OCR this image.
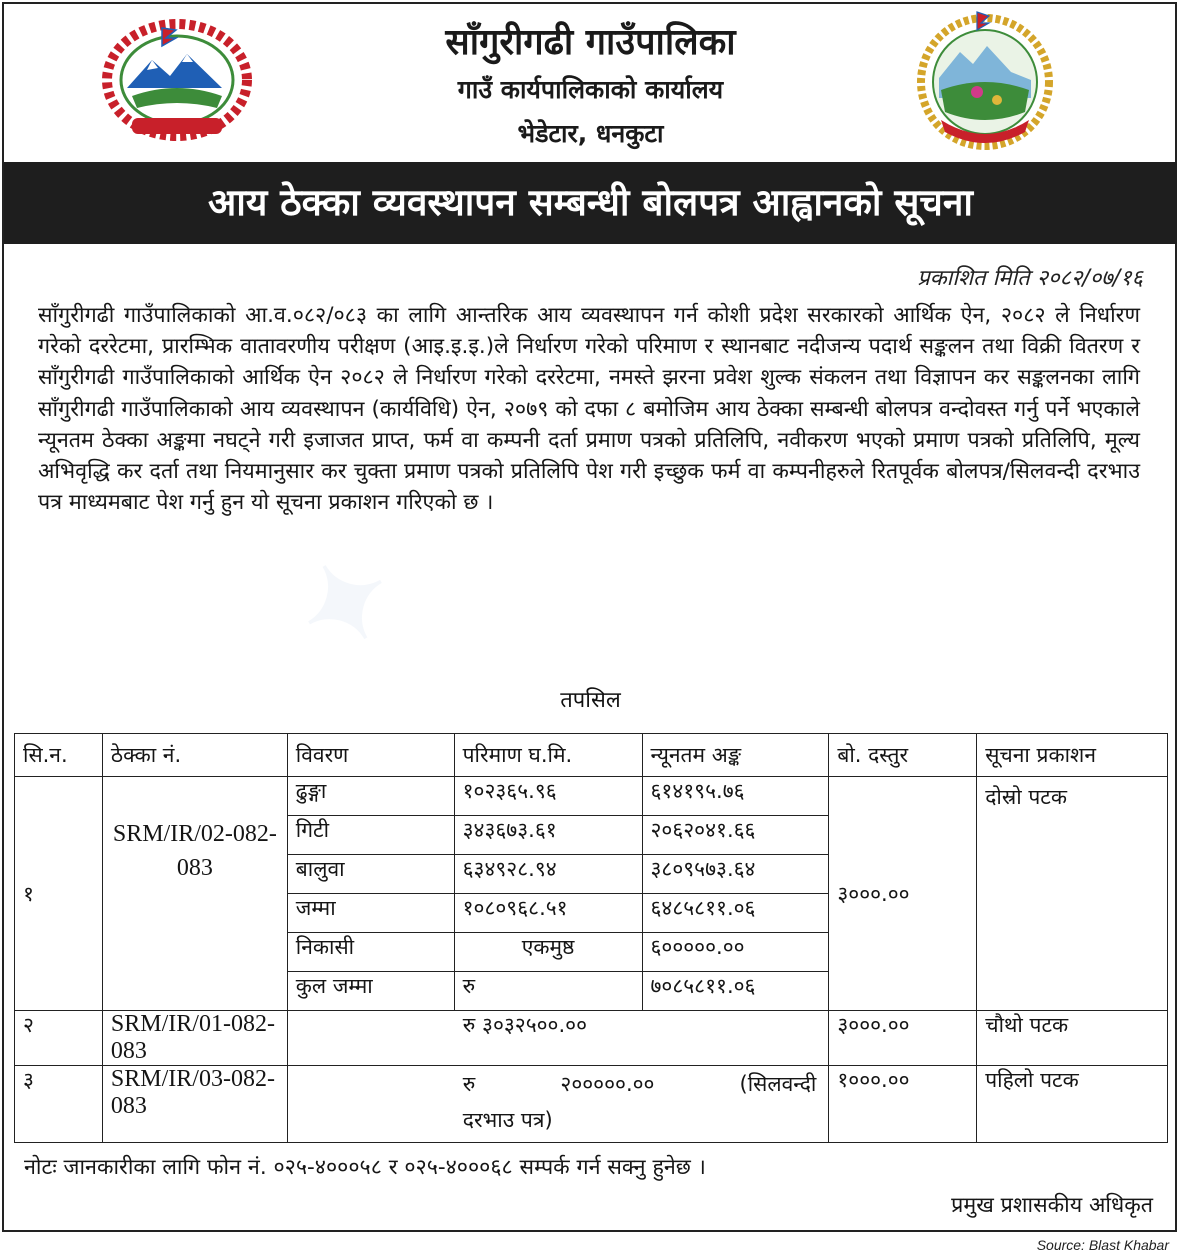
साँगुरीगढी गाउँपालिका
गाउँ कार्यपालिकाको कार्यालय
भेडेटार, धनकुटा
आय ठेक्का व्यवस्थापन सम्बन्धी बोलपत्र आह्वानको सूचना
✦
प्रकाशित मिति २०८२/०७/१६
साँगुरीगढी गाउँपालिकाको आ.व.०८२/०८३ का लागि आन्तरिक आय व्यवस्थापन गर्न कोशी प्रदेश सरकारको आर्थिक ऐन, २०८२ ले निर्धारण गरेको दररेटमा, प्रारम्भिक वातावरणीय परीक्षण (आइ.इ.इ.)ले निर्धारण गरेको परिमाण र स्थानबाट नदीजन्य पदार्थ सङ्कलन तथा विक्री वितरण र साँगुरीगढी गाउँपालिकाको आर्थिक ऐन २०८२ ले निर्धारण गरेको दररेटमा, नमस्ते झरना प्रवेश शुल्क संकलन तथा विज्ञापन कर सङ्कलनका लागि साँगुरीगढी गाउँपालिकाको आय व्यवस्थापन (कार्यविधि) ऐन, २०७९ को दफा ८ बमोजिम आय ठेक्का सम्बन्धी बोलपत्र वन्दोवस्त गर्नु पर्ने भएकाले न्यूनतम ठेक्का अङ्कमा नघट्ने गरी इजाजत प्राप्त, फर्म वा कम्पनी दर्ता प्रमाण पत्रको प्रतिलिपि, नवीकरण भएको प्रमाण पत्रको प्रतिलिपि, मूल्य अभिवृद्धि कर दर्ता तथा नियमानुसार कर चुक्ता प्रमाण पत्रको प्रतिलिपि पेश गरी इच्छुक फर्म वा कम्पनीहरुले रितपूर्वक बोलपत्र/सिलवन्दी दरभाउ पत्र माध्यमबाट पेश गर्नु हुन यो सूचना प्रकाशन गरिएको छ ।
तपसिल
सि.न.	ठेक्का नं.	विवरण	परिमाण घ.मि.	न्यूनतम अङ्क	बो. दस्तुर	सूचना प्रकाशन
१	SRM/IR/02-082-083	ढुङ्गा	१०२३६५.९६	६१४१९५.७६	३०००.००	दोस्रो पटक
		गिटी	३४३६७३.६१	२०६२०४१.६६		
		बालुवा	६३४९२८.९४	३८०९५७३.६४		
		जम्मा	१०८०९६८.५१	६४८५८११.०६		
		निकासी	एकमुष्ठ	६०००००.००		
		कुल जम्मा	रु	७०८५८११.०६		
२	SRM/IR/01-082-083	रु ३०३२५००.००			३०००.००	चौथो पटक
३	SRM/IR/03-082-083	रु २०००००.०० (सिलवन्दी
दरभाउ पत्र)			१०००.००	पहिलो पटक
नोटः जानकारीका लागि फोन नं. ०२५-४०००५८ र ०२५-४०००६८ सम्पर्क गर्न सक्नु हुनेछ ।
प्रमुख प्रशासकीय अधिकृत
Source: Blast Khabar
